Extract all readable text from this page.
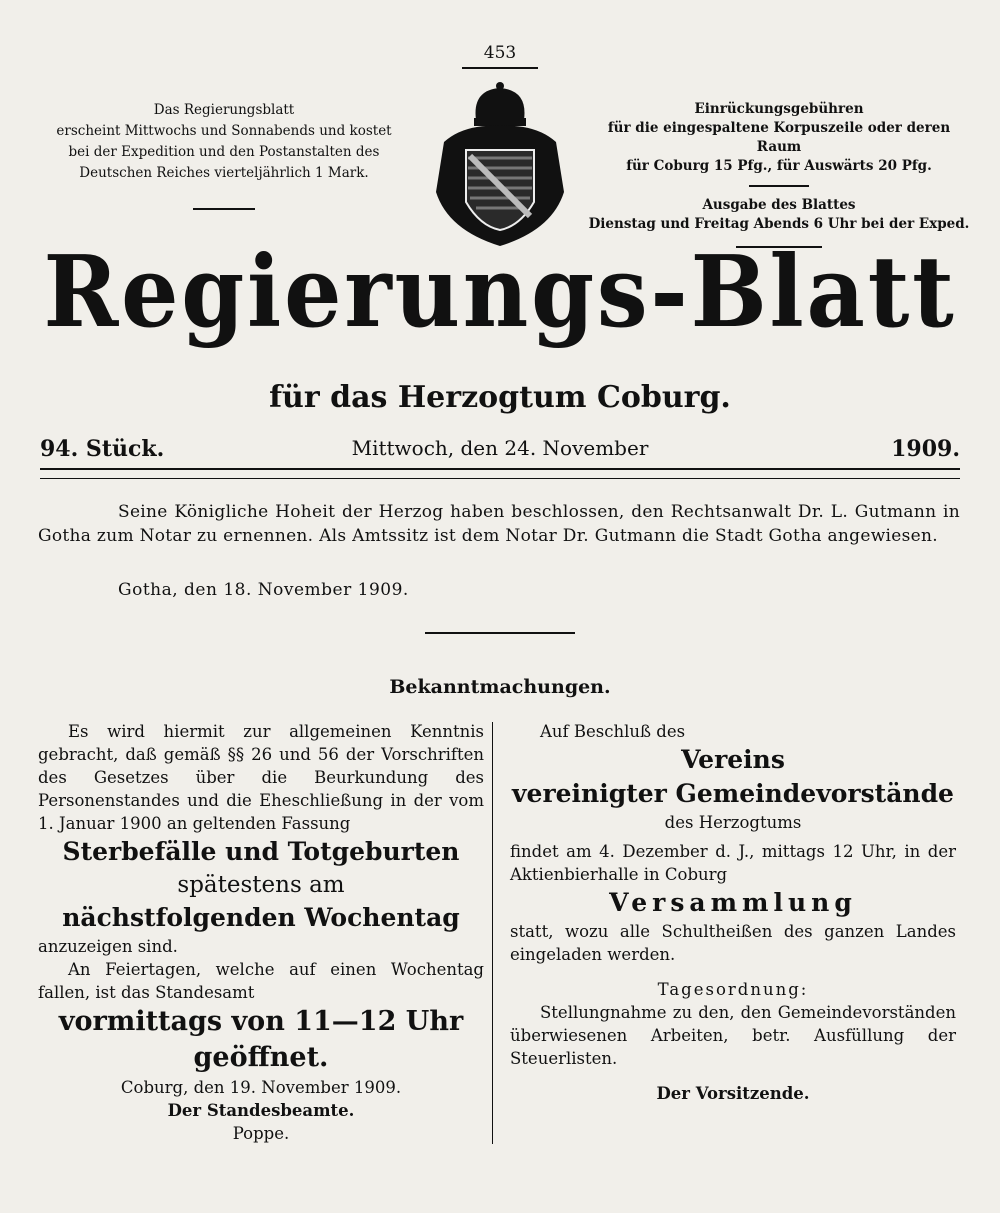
453
Das Regierungsblatt
erscheint Mittwochs und Sonnabends und kostet
bei der Expedition und den Postanstalten des
Deutschen Reiches vierteljährlich 1 Mark.
Einrückungsgebühren
für die eingespaltene Korpuszeile oder deren Raum
für Coburg 15 Pfg., für Auswärts 20 Pfg.
Ausgabe des Blattes
Dienstag und Freitag Abends 6 Uhr bei der Exped.
Regierungs-Blatt
für das Herzogtum Coburg.
94. Stück.	Mittwoch, den 24. November	1909.
Seine Königliche Hoheit der Herzog haben beschlossen, den Rechtsanwalt Dr. L. Gutmann in Gotha zum Notar zu ernennen. Als Amtssitz ist dem Notar Dr. Gutmann die Stadt Gotha angewiesen.
Gotha, den 18. November 1909.
Bekanntmachungen.
Es wird hiermit zur allgemeinen Kenntnis gebracht, daß gemäß §§ 26 und 56 der Vorschriften des Gesetzes über die Beurkundung des Personenstandes und die Eheschließung in der vom 1. Januar 1900 an geltenden Fassung
Sterbefälle und Totgeburten
spätestens am
nächstfolgenden Wochentag
anzuzeigen sind.
An Feiertagen, welche auf einen Wochentag fallen, ist das Standesamt
vormittags von 11—12 Uhr
geöffnet.
Coburg, den 19. November 1909.
Der Standesbeamte.
Poppe.
Auf Beschluß des
Vereins
vereinigter Gemeindevorstände
des Herzogtums
findet am 4. Dezember d. J., mittags 12 Uhr, in der Aktienbierhalle in Coburg
Versammlung
statt, wozu alle Schultheißen des ganzen Landes eingeladen werden.
Tagesordnung:
Stellungnahme zu den, den Gemeindevorständen überwiesenen Arbeiten, betr. Ausfüllung der Steuerlisten.
Der Vorsitzende.
